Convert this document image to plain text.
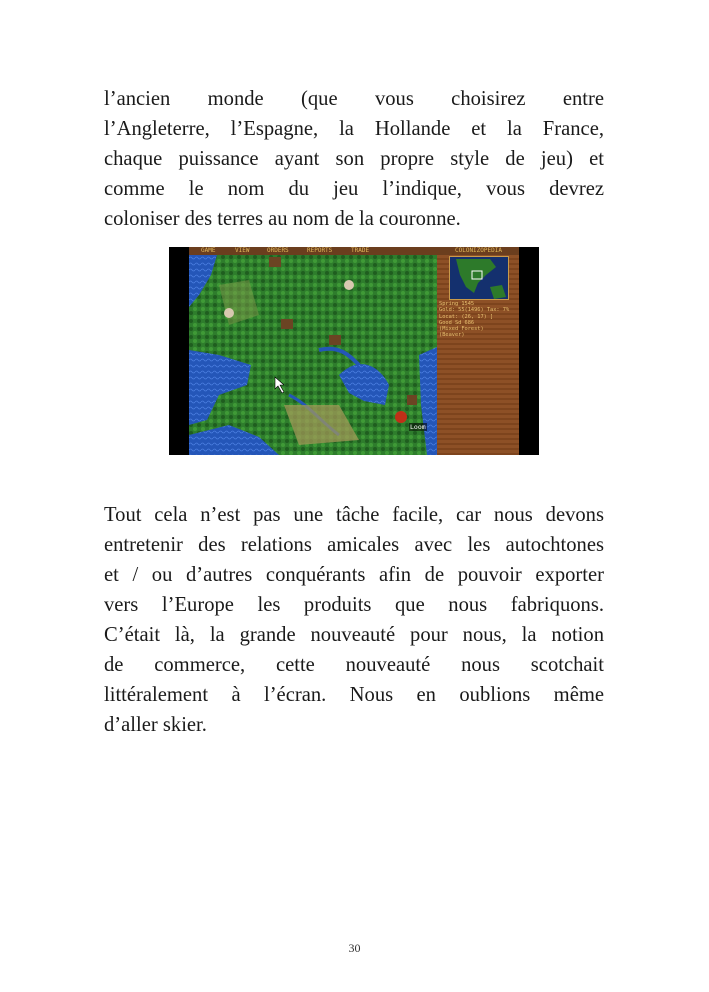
l’ancien monde (que vous choisirez entre
l’Angleterre, l’Espagne, la Hollande et la France,
chaque puissance ayant son propre style de jeu) et
comme le nom du jeu l’indique, vous devrez
coloniser des terres au nom de la couronne.
GAME	VIEW	ORDERS	REPORTS	TRADE	COLONIZOPEDIA
Loom
Spring 1545
Gold: 55(1496) Tax: 7%
Locat: (26, 17) ]
Good Sd 686
(Mixed Forest)
(Beaver)
Tout cela n’est pas une tâche facile, car nous devons
entretenir des relations amicales avec les autochtones
et / ou d’autres conquérants afin de pouvoir exporter
vers l’Europe les produits que nous fabriquons.
C’était là, la grande nouveauté pour nous, la notion
de commerce, cette nouveauté nous scotchait
littéralement à l’écran. Nous en oublions même
d’aller skier.
30
